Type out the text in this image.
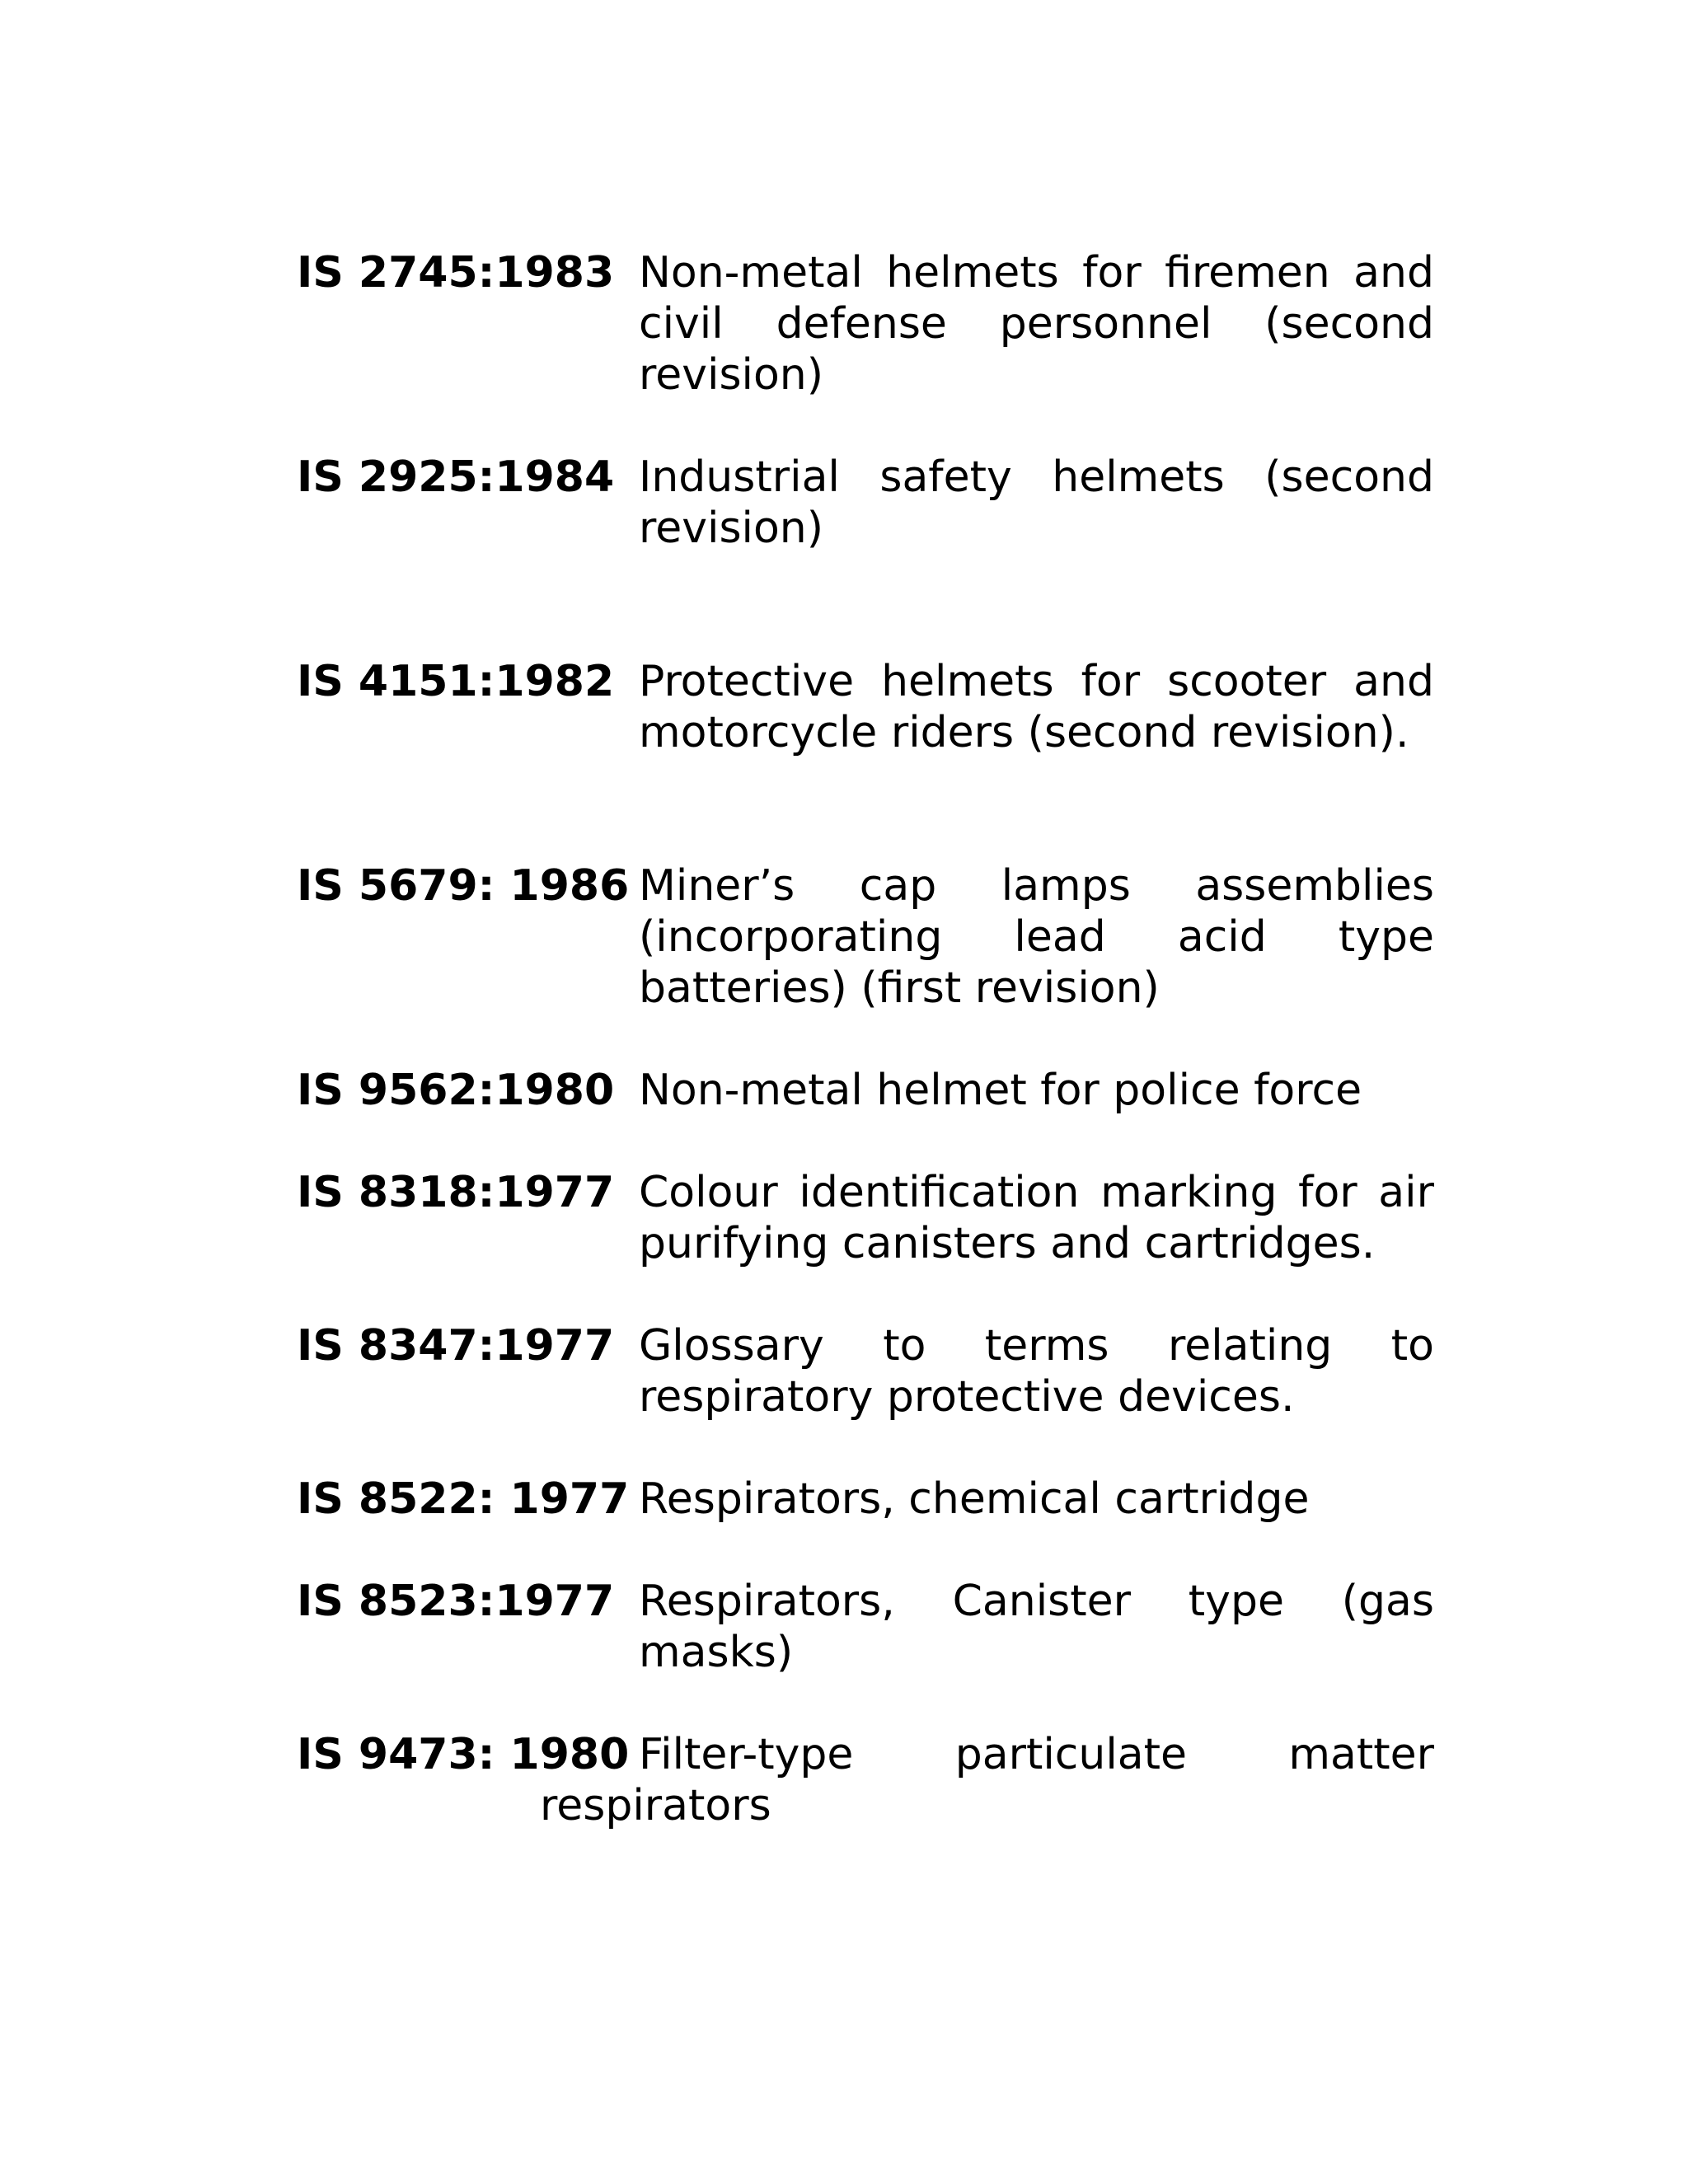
IS 2745:1983 Non-metal helmets for firemen and civil defense personnel (second revision)
IS 2925:1984 Industrial safety helmets (second revision)
IS 4151:1982 Protective helmets for scooter and motorcycle riders (second revision).
IS 5679: 1986 Miner’s cap lamps assemblies (incorporating lead acid type batteries) (first revision)
IS 9562:1980 Non-metal helmet for police force
IS 8318:1977 Colour identification marking for air purifying canisters and cartridges.
IS 8347:1977 Glossary to terms relating to respiratory protective devices.
IS 8522: 1977 Respirators, chemical cartridge
IS 8523:1977 Respirators, Canister type (gas masks)
IS 9473: 1980 Filter-type particulate matter
respirators
